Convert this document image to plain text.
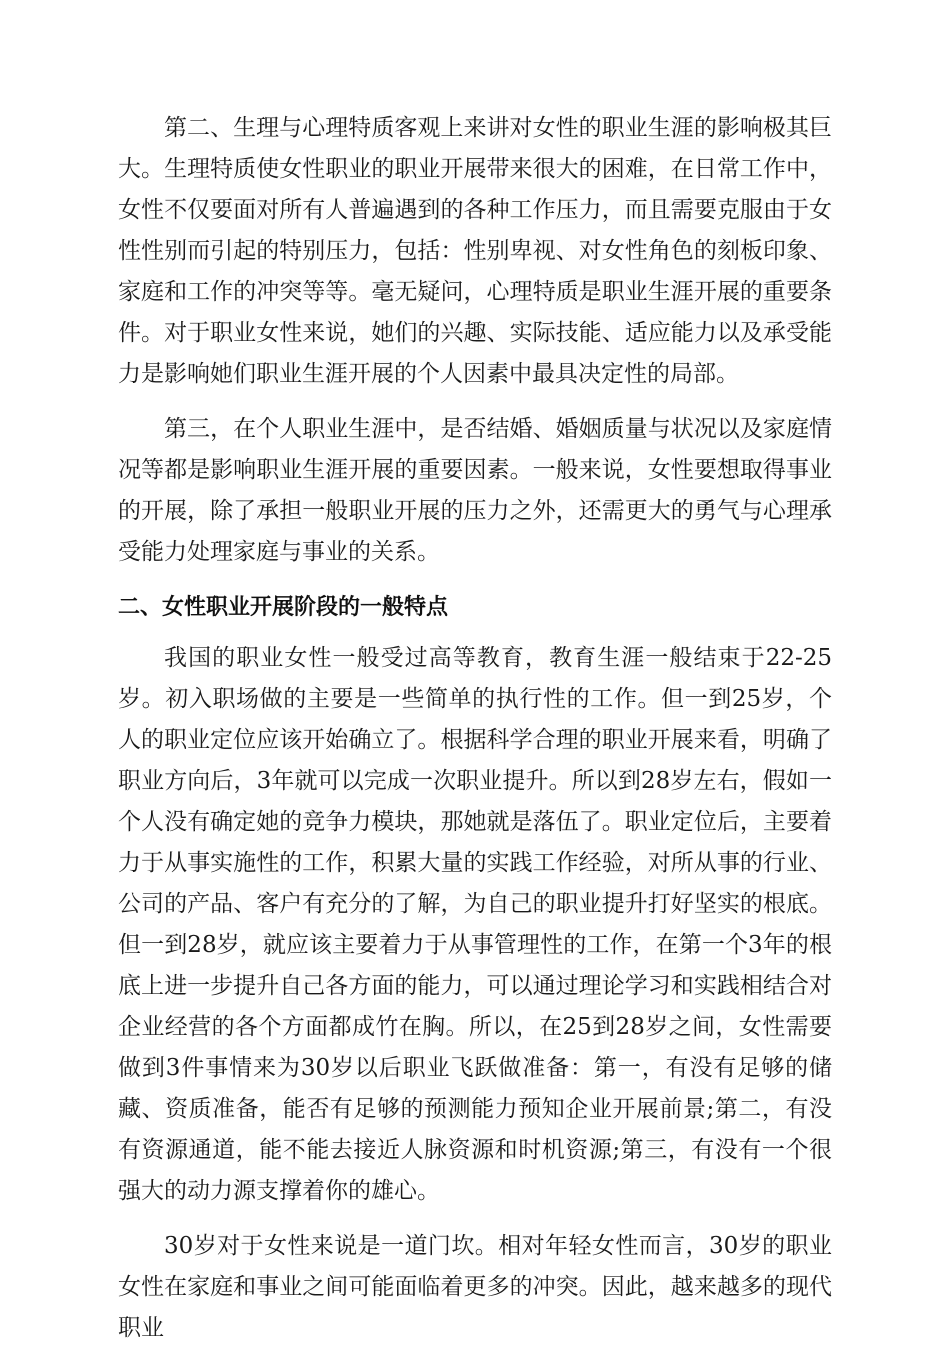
第二、生理与心理特质客观上来讲对女性的职业生涯的影响极其巨大。生理特质使女性职业的职业开展带来很大的困难，在日常工作中，女性不仅要面对所有人普遍遇到的各种工作压力，而且需要克服由于女性性别而引起的特别压力，包括：性别卑视、对女性角色的刻板印象、家庭和工作的冲突等等。毫无疑问，心理特质是职业生涯开展的重要条件。对于职业女性来说，她们的兴趣、实际技能、适应能力以及承受能力是影响她们职业生涯开展的个人因素中最具决定性的局部。

第三，在个人职业生涯中，是否结婚、婚姻质量与状况以及家庭情况等都是影响职业生涯开展的重要因素。一般来说，女性要想取得事业的开展，除了承担一般职业开展的压力之外，还需更大的勇气与心理承受能力处理家庭与事业的关系。

二、女性职业开展阶段的一般特点

我国的职业女性一般受过高等教育，教育生涯一般结束于22-25岁。初入职场做的主要是一些简单的执行性的工作。但一到25岁，个人的职业定位应该开始确立了。根据科学合理的职业开展来看，明确了职业方向后，3年就可以完成一次职业提升。所以到28岁左右，假如一个人没有确定她的竞争力模块，那她就是落伍了。职业定位后，主要着力于从事实施性的工作，积累大量的实践工作经验，对所从事的行业、公司的产品、客户有充分的了解，为自己的职业提升打好坚实的根底。但一到28岁，就应该主要着力于从事管理性的工作，在第一个3年的根底上进一步提升自己各方面的能力，可以通过理论学习和实践相结合对企业经营的各个方面都成竹在胸。所以，在25到28岁之间，女性需要做到3件事情来为30岁以后职业飞跃做准备：第一，有没有足够的储藏、资质准备，能否有足够的预测能力预知企业开展前景;第二，有没有资源通道，能不能去接近人脉资源和时机资源;第三，有没有一个很强大的动力源支撑着你的雄心。

30岁对于女性来说是一道门坎。相对年轻女性而言，30岁的职业女性在家庭和事业之间可能面临着更多的冲突。因此，越来越多的现代职业
